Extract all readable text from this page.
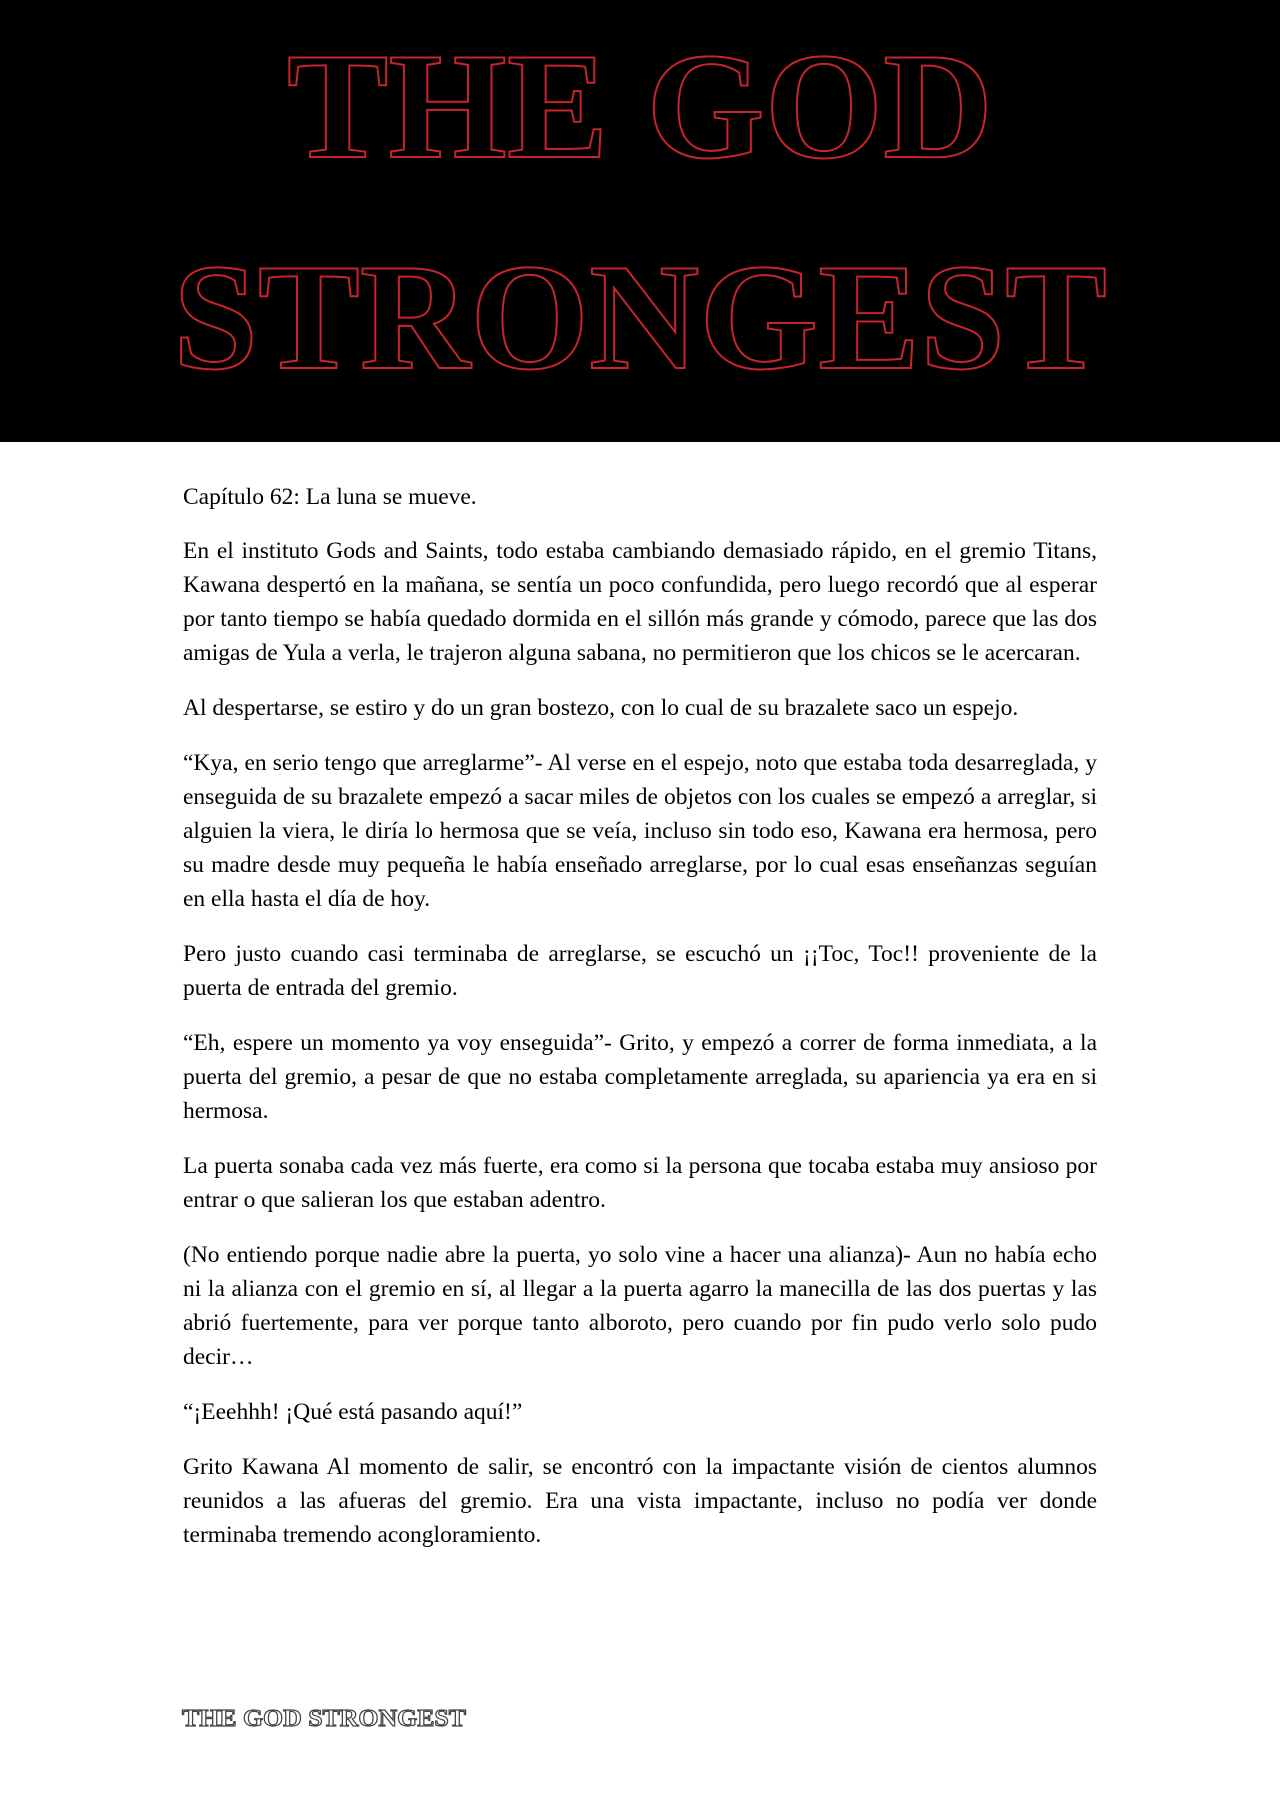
THE GOD
STRONGEST

Capítulo 62: La luna se mueve.

En el instituto Gods and Saints, todo estaba cambiando demasiado rápido, en el gremio Titans, Kawana despertó en la mañana, se sentía un poco confundida, pero luego recordó que al esperar por tanto tiempo se había quedado dormida en el sillón más grande y cómodo, parece que las dos amigas de Yula a verla, le trajeron alguna sabana, no permitieron que los chicos se le acercaran.

Al despertarse, se estiro y do un gran bostezo, con lo cual de su brazalete saco un espejo.

“Kya, en serio tengo que arreglarme”- Al verse en el espejo, noto que estaba toda desarreglada, y enseguida de su brazalete empezó a sacar miles de objetos con los cuales se empezó a arreglar, si alguien la viera, le diría lo hermosa que se veía, incluso sin todo eso, Kawana era hermosa, pero su madre desde muy pequeña le había enseñado arreglarse, por lo cual esas enseñanzas seguían en ella hasta el día de hoy.

Pero justo cuando casi terminaba de arreglarse, se escuchó un ¡¡Toc, Toc!! proveniente de la puerta de entrada del gremio.

“Eh, espere un momento ya voy enseguida”- Grito, y empezó a correr de forma inmediata, a la puerta del gremio, a pesar de que no estaba completamente arreglada, su apariencia ya era en si hermosa.

La puerta sonaba cada vez más fuerte, era como si la persona que tocaba estaba muy ansioso por entrar o que salieran los que estaban adentro.

(No entiendo porque nadie abre la puerta, yo solo vine a hacer una alianza)- Aun no había echo ni la alianza con el gremio en sí, al llegar a la puerta agarro la manecilla de las dos puertas y las abrió fuertemente, para ver porque tanto alboroto, pero cuando por fin pudo verlo solo pudo decir…

“¡Eeehhh! ¡Qué está pasando aquí!”

Grito Kawana Al momento de salir, se encontró con la impactante visión de cientos alumnos reunidos a las afueras del gremio. Era una vista impactante, incluso no podía ver donde terminaba tremendo acongloramiento.

THE GOD STRONGEST
